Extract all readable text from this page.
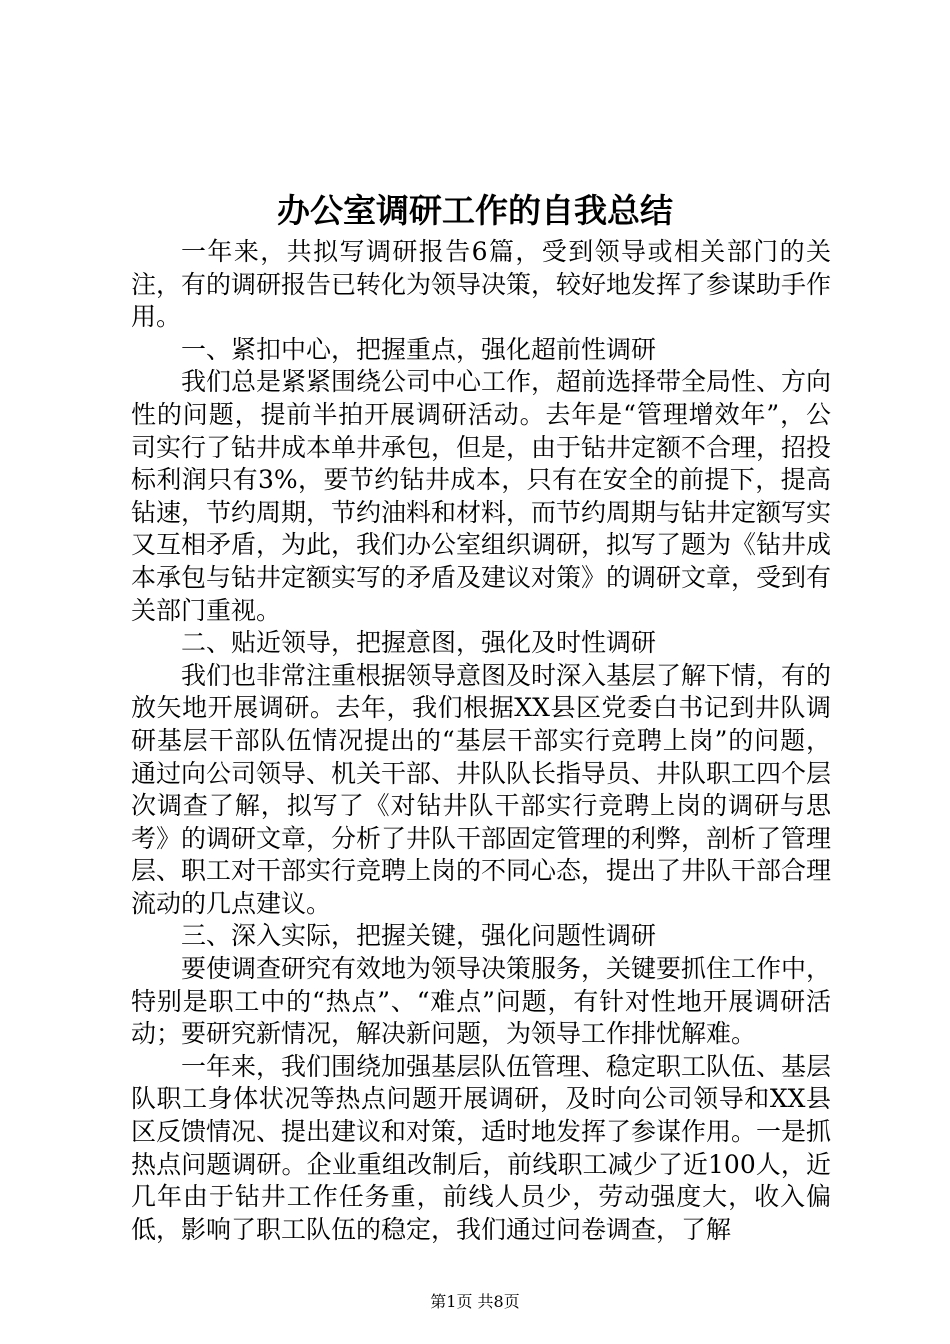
办公室调研工作的自我总结

一年来，共拟写调研报告6篇，受到领导或相关部门的关注，有的调研报告已转化为领导决策，较好地发挥了参谋助手作用。

一、紧扣中心，把握重点，强化超前性调研

我们总是紧紧围绕公司中心工作，超前选择带全局性、方向性的问题，提前半拍开展调研活动。去年是“管理增效年”，公司实行了钻井成本单井承包，但是，由于钻井定额不合理，招投标利润只有3%，要节约钻井成本，只有在安全的前提下，提高钻速，节约周期，节约油料和材料，而节约周期与钻井定额写实又互相矛盾，为此，我们办公室组织调研，拟写了题为《钻井成本承包与钻井定额实写的矛盾及建议对策》的调研文章，受到有关部门重视。

二、贴近领导，把握意图，强化及时性调研

我们也非常注重根据领导意图及时深入基层了解下情，有的放矢地开展调研。去年，我们根据XX县区党委白书记到井队调研基层干部队伍情况提出的“基层干部实行竞聘上岗”的问题，通过向公司领导、机关干部、井队队长指导员、井队职工四个层次调查了解，拟写了《对钻井队干部实行竞聘上岗的调研与思考》的调研文章，分析了井队干部固定管理的利弊，剖析了管理层、职工对干部实行竞聘上岗的不同心态，提出了井队干部合理流动的几点建议。

三、深入实际，把握关键，强化问题性调研

要使调查研究有效地为领导决策服务，关键要抓住工作中，特别是职工中的“热点”、“难点”问题，有针对性地开展调研活动；要研究新情况，解决新问题，为领导工作排忧解难。

一年来，我们围绕加强基层队伍管理、稳定职工队伍、基层队职工身体状况等热点问题开展调研，及时向公司领导和XX县区反馈情况、提出建议和对策，适时地发挥了参谋作用。一是抓热点问题调研。企业重组改制后，前线职工减少了近100人，近几年由于钻井工作任务重，前线人员少，劳动强度大，收入偏低，影响了职工队伍的稳定，我们通过问卷调查，了解

第1页 共8页
